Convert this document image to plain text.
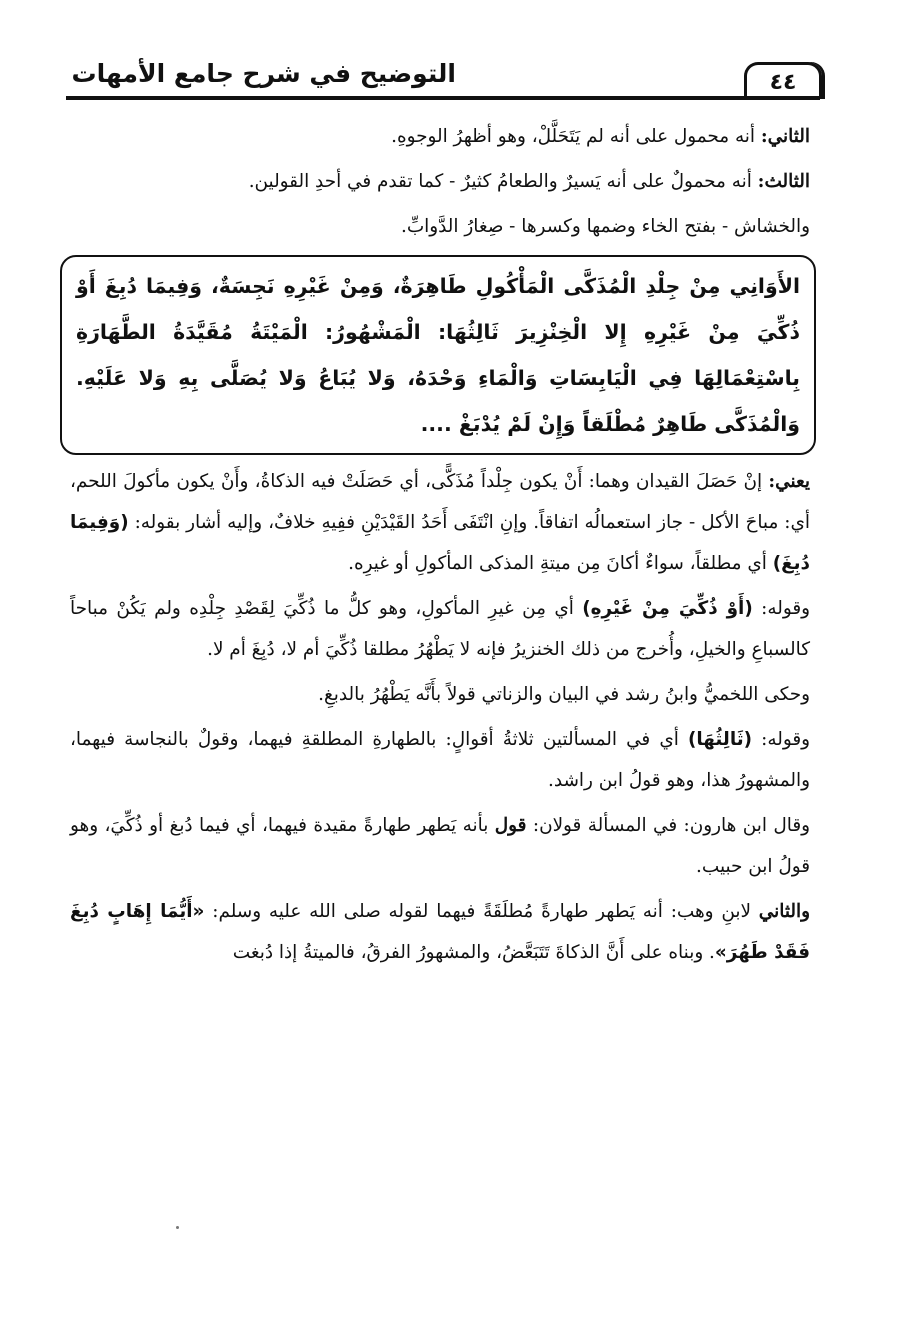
٤٤
التوضيح في شرح جامع الأمهات

الثاني: أنه محمول على أنه لم يَتَحَلَّلْ، وهو أظهرُ الوجوهِ.

الثالث: أنه محمولٌ على أنه يَسيرٌ والطعامُ كثيرٌ - كما تقدم في أحدِ القولين.

والخشاش - بفتح الخاء وضمها وكسرها - صِغارُ الدَّوابِّ.

الأَوَانِي مِنْ جِلْدِ الْمُذَكَّى الْمَأْكُولِ طَاهِرَةٌ، وَمِنْ غَيْرِهِ نَجِسَةٌ، وَفِيمَا دُبِغَ أَوْ ذُكِّيَ مِنْ غَيْرِهِ إِلا الْخِنْزِيرَ ثَالِثُهَا: الْمَشْهُورُ: الْمَيْتَةُ مُقَيَّدَةُ الطَّهَارَةِ بِاسْتِعْمَالِهَا فِي الْيَابِسَاتِ وَالْمَاءِ وَحْدَهُ، وَلا يُبَاعُ وَلا يُصَلَّى بِهِ وَلا عَلَيْهِ. وَالْمُذَكَّى طَاهِرٌ مُطْلَقاً وَإِنْ لَمْ يُدْبَغْ ....

يعني: إنْ حَصَلَ القيدان وهما: أَنْ يكون جِلْداً مُذَكًّى، أي حَصَلَتْ فيه الذكاةُ، وأَنْ يكون مأكولَ اللحم، أي: مباحَ الأكل - جاز استعمالُه اتفاقاً. وإنِ انْتَفَى أَحَدُ القَيْدَيْنِ ففِيهِ خلافٌ، وإليه أشار بقوله: (وَفِيمَا دُبِغَ) أي مطلقاً، سواءٌ أكانَ مِن ميتةِ المذكى المأكولِ أو غيرِه.

وقوله: (أَوْ ذُكِّيَ مِنْ غَيْرِهِ) أي مِن غيرِ المأكولِ، وهو كلُّ ما ذُكِّيَ لِقَصْدِ جِلْدِه ولم يَكُنْ مباحاً كالسباعِ والخيلِ، وأُخرج من ذلك الخنزيرُ فإنه لا يَطْهُرُ مطلقا ذُكِّيَ أم لا، دُبِغَ أم لا.

وحكى اللخميُّ وابنُ رشد في البيان والزناتي قولاً بأَنَّه يَطْهُرُ بالدبغِ.

وقوله: (ثَالِثُهَا) أي في المسألتين ثلاثةُ أقوالٍ: بالطهارةِ المطلقةِ فيهما، وقولٌ بالنجاسة فيهما، والمشهورُ هذا، وهو قولُ ابن راشد.

وقال ابن هارون: في المسألة قولان: قول بأنه يَطهر طهارةً مقيدة فيهما، أي فيما دُبغ أو ذُكِّيَ، وهو قولُ ابن حبيب.

والثاني لابنِ وهب: أنه يَطهر طهارةً مُطلَقَةً فيهما لقوله صلى الله عليه وسلم: «أَيُّمَا إِهَابٍ دُبِغَ فَقَدْ طَهُرَ». وبناه على أَنَّ الذكاةَ تَتَبَعَّضُ، والمشهورُ الفرقُ، فالميتةُ إذا دُبغت
